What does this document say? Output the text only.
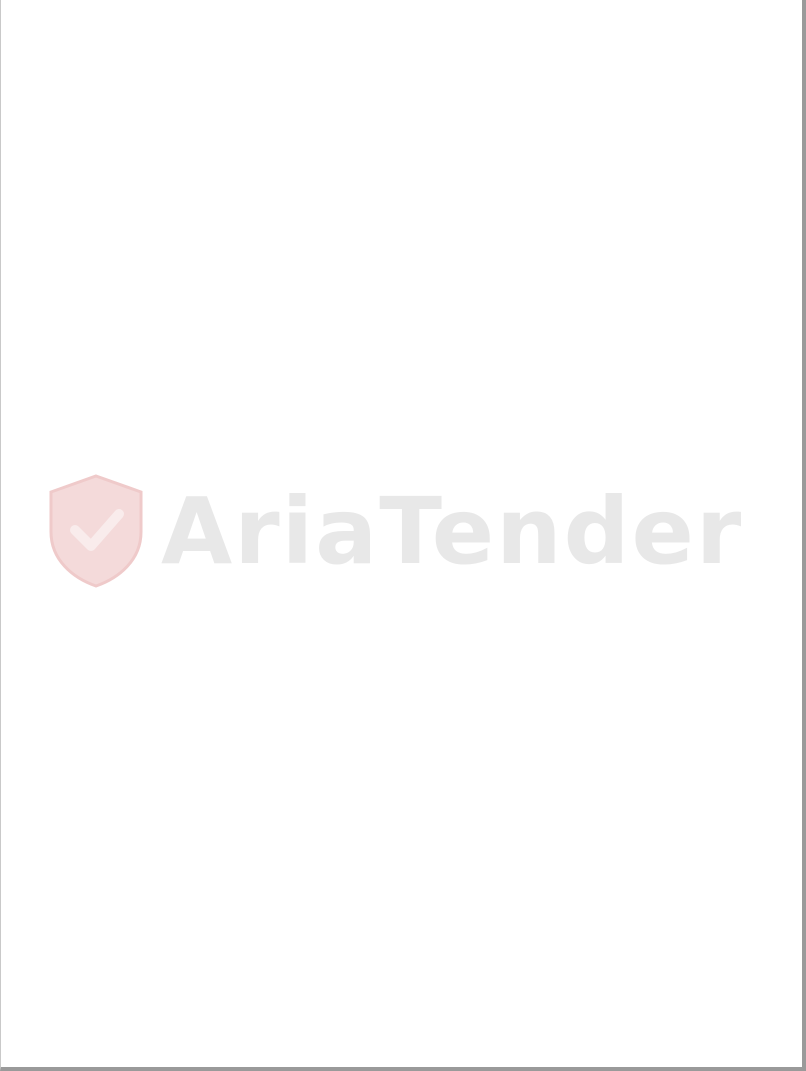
AriaTender
